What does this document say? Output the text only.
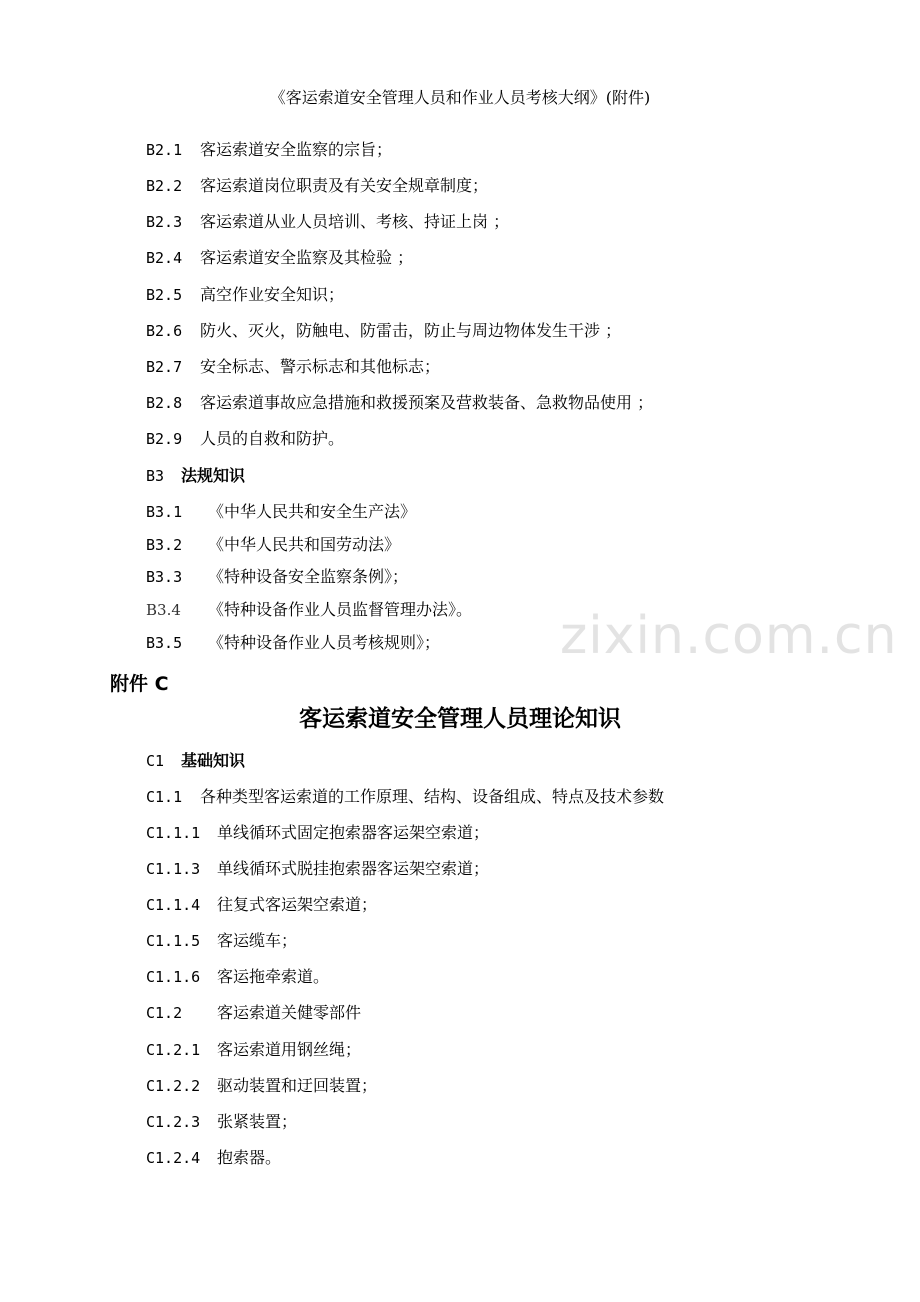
《客运索道安全管理人员和作业人员考核大纲》(附件)
B2.1 客运索道安全监察的宗旨；
B2.2 客运索道岗位职责及有关安全规章制度；
B2.3 客运索道从业人员培训、考核、持证上岗 ；
B2.4 客运索道安全监察及其检验 ；
B2.5 高空作业安全知识；
B2.6 防火、灭火，防触电、防雷击，防止与周边物体发生干涉 ；
B2.7 安全标志、警示标志和其他标志；
B2.8 客运索道事故应急措施和救援预案及营救装备、急救物品使用 ；
B2.9 人员的自救和防护。
B3 法规知识
B3.1 《中华人民共和安全生产法》
B3.2 《中华人民共和国劳动法》
B3.3 《特种设备安全监察条例》；
B3.4 《特种设备作业人员监督管理办法》。
B3.5 《特种设备作业人员考核规则》； zixin.com.cn
附件 C
客运索道安全管理人员理论知识
C1 基础知识
C1.1 各种类型客运索道的工作原理、结构、设备组成、特点及技术参数
C1.1.1 单线循环式固定抱索器客运架空索道；
C1.1.3 单线循环式脱挂抱索器客运架空索道；
C1.1.4 往复式客运架空索道；
C1.1.5 客运缆车；
C1.1.6 客运拖牵索道。
C1.2 客运索道关健零部件
C1.2.1 客运索道用钢丝绳；
C1.2.2 驱动装置和迂回装置；
C1.2.3 张紧装置；
C1.2.4 抱索器。
